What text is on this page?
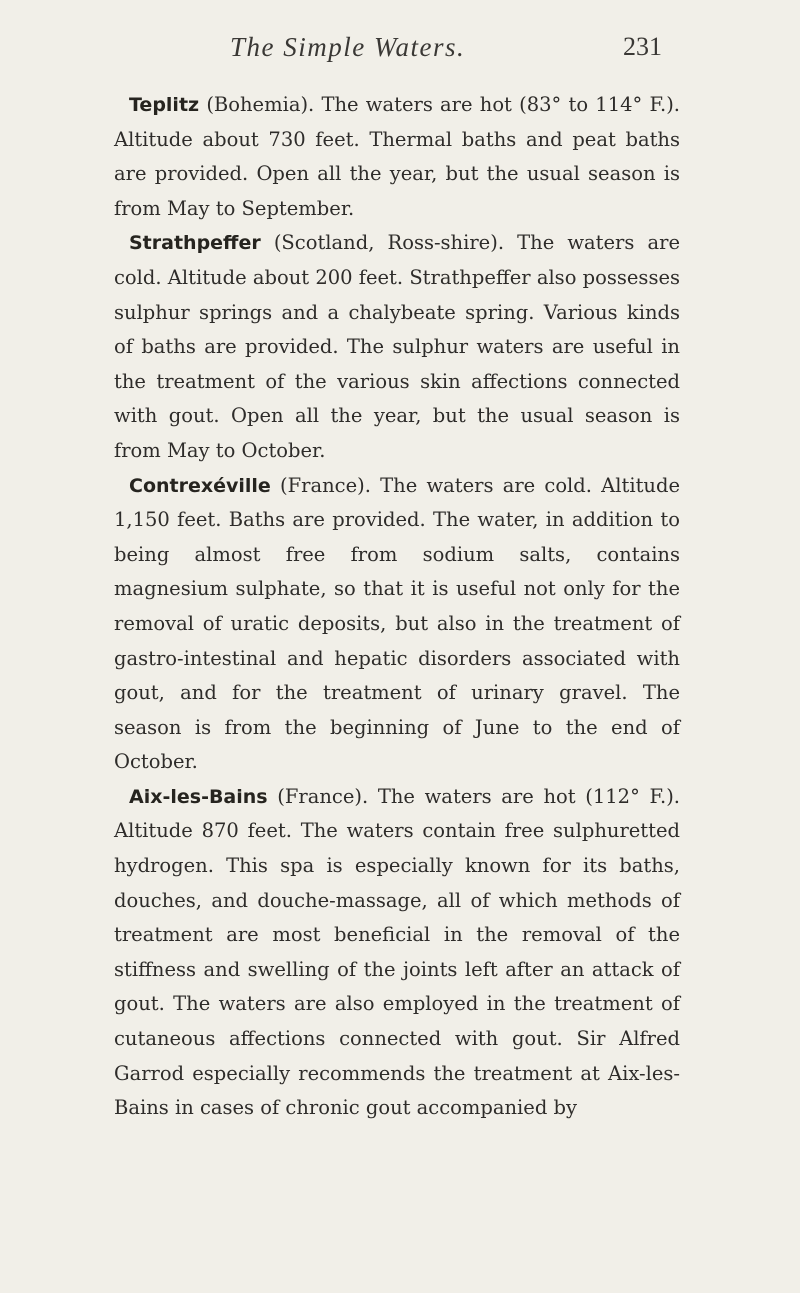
The Simple Waters.	231

Teplitz (Bohemia). The waters are hot (83° to 114° F.). Altitude about 730 feet. Thermal baths and peat baths are provided. Open all the year, but the usual season is from May to September.

Strathpeffer (Scotland, Ross-shire). The waters are cold. Altitude about 200 feet. Strathpeffer also possesses sulphur springs and a chalybeate spring. Various kinds of baths are provided. The sulphur waters are useful in the treatment of the various skin affections connected with gout. Open all the year, but the usual season is from May to October.

Contrexéville (France). The waters are cold. Altitude 1,150 feet. Baths are provided. The water, in addition to being almost free from sodium salts, contains magnesium sulphate, so that it is useful not only for the removal of uratic deposits, but also in the treatment of gastro-intestinal and hepatic disorders associated with gout, and for the treatment of urinary gravel. The season is from the beginning of June to the end of October.

Aix-les-Bains (France). The waters are hot (112° F.). Altitude 870 feet. The waters contain free sulphuretted hydrogen. This spa is especially known for its baths, douches, and douche-massage, all of which methods of treatment are most beneficial in the removal of the stiffness and swelling of the joints left after an attack of gout. The waters are also employed in the treatment of cutaneous affections connected with gout. Sir Alfred Garrod especially recommends the treatment at Aix-les-Bains in cases of chronic gout accompanied by
